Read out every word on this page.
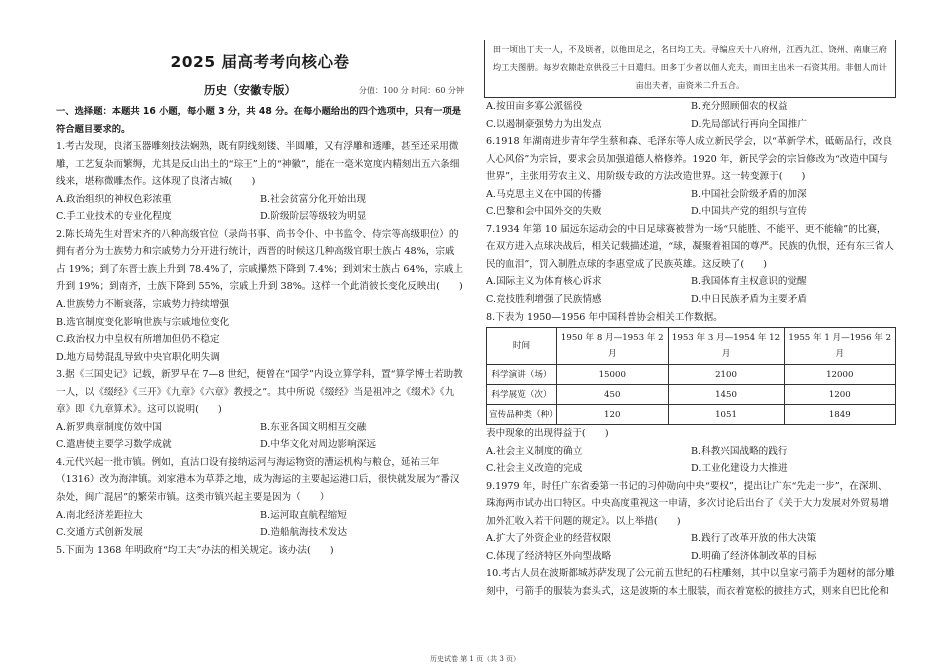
2025 届高考考向核心卷
历史（安徽专版）	分值：100 分 时间：60 分钟

一、选择题：本题共 16 小题，每小题 3 分，共 48 分。在每小题给出的四个选项中，只有一项是符合题目要求的。

1.考古发现，良渚玉器雕刻技法娴熟，既有阴线刻镂、半圆雕，又有浮雕和透雕，甚至还采用微雕，工艺复杂而繁缛，尤其是反山出土的“琮王”上的“神徽”，能在一毫米宽度内精刻出五六条细线来，堪称微雕杰作。这体现了良渚古城(　　)

A.政治组织的神权色彩浓重	B.社会贫富分化开始出现
C.手工业技术的专业化程度	D.阶级阶层等级较为明显

2.陈长琦先生对晋宋齐的八种高级官位（录尚书事、尚书令仆、中书监令、侍宗等高级职位）的拥有者分为士族势力和宗戚势力分开进行统计，西晋的时候这几种高级官职士族占 48%，宗戚占 19%；到了东晋士族上升到 78.4%了，宗戚攥然下降到 7.4%；到刘宋士族占 64%，宗戚上升到 19%；到南齐，士族下降到 55%，宗戚上升到 38%。这样一个此消彼长变化反映出(　　)

A.世族势力不断衰落，宗戚势力持续增强
B.选官制度变化影响世族与宗戚地位变化
C.政治权力中皇权有所增加但仍不稳定
D.地方局势混乱导致中央官职化明失调

3.据《三国史记》记载，新罗早在 7—8 世纪，便曾在“国学”内设立算学科，置“算学博士若助教一人，以《缀经》《三开》《九章》《六章》教授之”。其中所说《缀经》当是祖冲之《缀术》《九章》即《九章算术》。这可以说明(　　)

A.新罗典章制度仿效中国	B.东亚各国文明相互交融
C.遣唐使主要学习数学成就	D.中华文化对周边影响深远

4.元代兴起一批市镇。例如，直沽口设有接纳运河与海运物资的漕运机构与粮仓，延祐三年（1316）改为海津镇。刘家港本为草莽之地，成为海运的主要起运港口后，很快就发展为“番汉杂处，闽广混居”的繁荣市镇。这类市镇兴起主要是因为（　　）

A.南北经济差距拉大	B.运河取直航程缩短
C.交通方式创新发展	D.造船航海技术发达

5.下面为 1368 年明政府“均工夫”办法的相关规定。该办法(　　)

田一顷出丁夫一人，不及顷者，以他田足之，名曰均工夫。寻编应天十八府州，江西九江、饶州、南康三府均工夫图册。每岁农隙赴京供役三十日遣归。田多丁少者以佃人充夫，而田主出米一石资其用。非佃人而计亩出夫者，亩资米二升五合。
A.按田亩多寡公派徭役	B.充分照顾佃农的权益
C.以遏制豪强势力为出发点	D.先局部试行再向全国推广

6.1918 年湖南进步青年学生蔡和森、毛泽东等人成立新民学会，以“革新学术，砥砺品行，改良人心风俗”为宗旨，要求会员加强道德人格修养。1920 年，新民学会的宗旨修改为“改造中国与世界”，主张用劳农主义、用阶级专政的方法改造世界。这一转变源于(　　)

A.马克思主义在中国的传播	B.中国社会阶级矛盾的加深
C.巴黎和会中国外交的失败	D.中国共产党的组织与宣传

7.1934 年第 10 届远东运动会的中日足球赛被誉为一场“只能胜、不能平、更不能输”的比赛，在双方进入点球决战后，相关记载描述道，“球，凝聚着祖国的尊严。民族的仇恨，还有东三省人民的血泪”，罚入制胜点球的李惠堂成了民族英雄。这反映了(　　)

A.国际主义为体育核心诉求	B.我国体育主权意识的觉醒
C.竞技胜利增强了民族情感	D.中日民族矛盾为主要矛盾

8.下表为 1950—1956 年中国科普协会相关工作数据。

时间	1950 年 8 月—1953 年 2 月	1953 年 3 月—1954 年 12 月	1955 年 1 月—1956 年 2 月
科学演讲（场）	15000	2100	12000
科学展览（次）	450	1450	1200
宣传品种类（种）	120	1051	1849

表中现象的出现得益于(　　)

A.社会主义制度的确立	B.科教兴国战略的践行
C.社会主义改造的完成	D.工业化建设力大推进

9.1979 年，时任广东省委第一书记的习仲勋向中央“要权”，提出让广东“先走一步”，在深圳、珠海两市试办出口特区。中央高度重视这一申请，多次讨论后出台了《关于大力发展对外贸易增加外汇收入若干问题的规定》。以上举措(　　)

A.扩大了外资企业的经营权限	B.践行了改革开放的伟大决策
C.体现了经济特区外向型战略	D.明确了经济体制改革的目标

10.考古人员在波斯都城苏萨发现了公元前五世纪的石柱雕刻，其中以皇家弓箭手为题材的部分雕刻中，弓箭手的服装为套头式，这是波斯的本土服装，而衣着宽松的披挂方式，则来自巴比伦和

历史试卷 第 1 页（共 3 页）
